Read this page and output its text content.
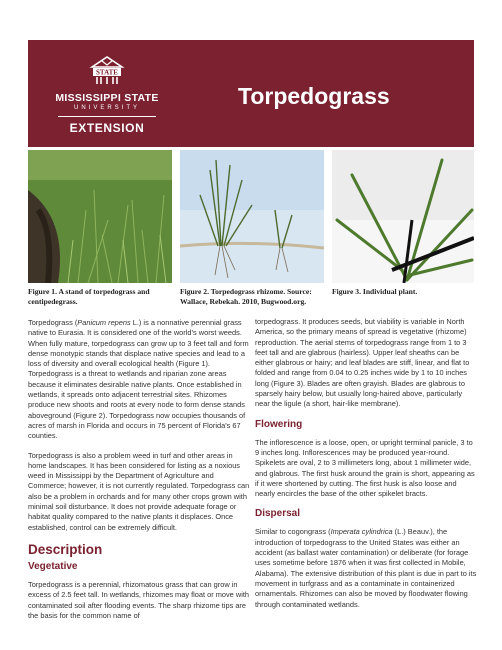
STATE
MISSISSIPPI STATE
UNIVERSITY
EXTENSION
Torpedograss
Figure 1. A stand of torpedograss and centipedegrass.
Figure 2. Torpedograss rhizome. Source: Wallace, Rebekah. 2010, Bugwood.org.
Figure 3. Individual plant.

Torpedograss (Panicum repens L.) is a nonnative perennial grass native to Eurasia. It is considered one of the world’s worst weeds. When fully mature, torpedograss can grow up to 3 feet tall and form dense monotypic stands that displace native species and lead to a loss of diversity and overall ecological health (Figure 1). Torpedograss is a threat to wetlands and riparian zone areas because it eliminates desirable native plants. Once established in wetlands, it spreads onto adjacent terrestrial sites. Rhizomes produce new shoots and roots at every node to form dense stands aboveground (Figure 2). Torpedograss now occupies thousands of acres of marsh in Florida and occurs in 75 percent of Florida’s 67 counties.

Torpedograss is also a problem weed in turf and other areas in home landscapes. It has been considered for listing as a noxious weed in Mississippi by the Department of Agriculture and Commerce; however, it is not currently regulated. Torpedograss can also be a problem in orchards and for many other crops grown with minimal soil disturbance. It does not provide adequate forage or habitat quality compared to the native plants it displaces. Once established, control can be extremely difficult.

Description
Vegetative

Torpedograss is a perennial, rhizomatous grass that can grow in excess of 2.5 feet tall. In wetlands, rhizomes may float or move with contaminated soil after flooding events. The sharp rhizome tips are the basis for the common name of

torpedograss. It produces seeds, but viability is variable in North America, so the primary means of spread is vegetative (rhizome) reproduction. The aerial stems of torpedograss range from 1 to 3 feet tall and are glabrous (hairless). Upper leaf sheaths can be either glabrous or hairy; and leaf blades are stiff, linear, and flat to folded and range from 0.04 to 0.25 inches wide by 1 to 10 inches long (Figure 3). Blades are often grayish. Blades are glabrous to sparsely hairy below, but usually long-haired above, particularly near the ligule (a short, hair-like membrane).

Flowering

The inflorescence is a loose, open, or upright terminal panicle, 3 to 9 inches long. Inflorescences may be produced year-round. Spikelets are oval, 2 to 3 millimeters long, about 1 millimeter wide, and glabrous. The first husk around the grain is short, appearing as if it were shortened by cutting. The first husk is also loose and nearly encircles the base of the other spikelet bracts.

Dispersal

Similar to cogongrass (Imperata cylindrica (L.) Beauv.), the introduction of torpedograss to the United States was either an accident (as ballast water contamination) or deliberate (for forage uses sometime before 1876 when it was first collected in Mobile, Alabama). The extensive distribution of this plant is due in part to its movement in turfgrass and as a contaminate in containerized ornamentals. Rhizomes can also be moved by floodwater flowing through contaminated wetlands.
